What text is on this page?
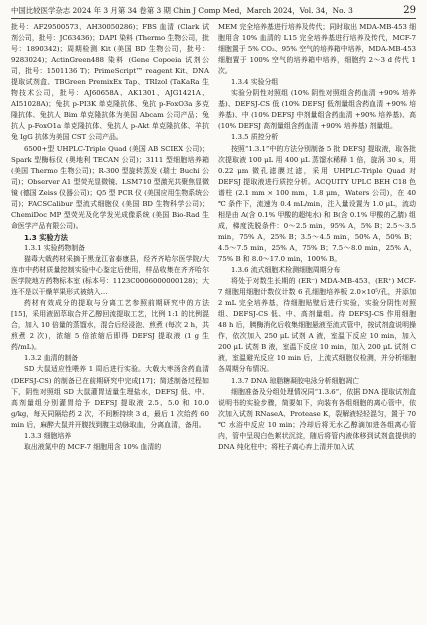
中国比较医学杂志 2024 年 3 月第 34 卷第 3 期 Chin J Comp Med，March 2024，Vol. 34，No. 3	29

批号：AF29500573、AH30050286)；FBS 血清 (Clark 试剂公司，批号：JC63436)；DAPI 染料 (Thermo 生物公司，批号：1890342)；周期检测 Kit (美国 BD 生物公司，批号：9283024)；ActinGreen488 染料 (Gene Copoeia 试剂公司，批号：1501136 T)；PrimeScript™ reagent Kit、DNA 提取试剂盒、TBGreen PremixEx Tap、TRIzol (TaKaRa 生物技术公司，批号：AJ60658A、AK1301、AJG1421A、AI51028A)；兔抗 p-PI3K 单克隆抗体、兔抗 p-FoxO3a 多克隆抗体、兔抗人 Bim 单克隆抗体为美国 Abcam 公司产品；兔抗人 p-FoxO1a 单克隆抗体、兔抗人 p-Akt 单克隆抗体、羊抗兔 IgG 抗体为美国 CST 公司产品。

6500+型 UHPLC-Triple Quad (美国 AB SCIEX 公司)；Spark 型酶标仪 (奥地利 TECAN 公司)；3111 型细胞培养箱 (美国 Thermo 生物公司)；R-300 型旋转蒸发 (瑞士 Buchi 公司)；Observer A1 型荧光显微镜、LSM710 型激光共聚焦显微镜 (德国 Zeiss 仪器公司)；Q5 型 PCR 仪 (美国应用生物系统公司)；FACSCalibur 型流式细胞仪 (美国 BD 生物科学公司)；ChemiDoc MP 型荧光及化学发光成像系统 (美国 Bio-Rad 生命医学产品有限公司)。

1.3 实验方法

1.3.1 实验药物制备

猫毒大戟药材采摘于黑龙江省泰康县，经齐齐哈尔医学院/大连市中药材质量控制实验中心鉴定后使用，样品收集在齐齐哈尔医学院地方药物标本室 (标本号：1123C0006000000128)；大连不是以干燥苹果形式被纳入…

药材有效成分的提取与分离工艺参照前期研究中的方法[15]，采用液固萃取合并乙醇回流提取工艺，比例 1:1 的比例混合，加入 10 倍量的蒸馏水，混合后经浸泡、煎煮 (每次 2 h，共煎煮 2 次)，浓缩 5 倍浓缩后即得 DEFSJ 提取液 (1 g 生药/mL)。

1.3.2 血清的制备

SD 大鼠适应性喂养 1 周后进行实验。大戟大枣汤含药血清 (DEFSJ-CS) 的制备已在前期研究中完成[17]；简述制备过程如下，阴性对照组 SD 大鼠灌胃适量生理盐水，DEFSJ 低、中、高剂量组分别灌胃给予 DEFSJ 提取液 2.5、5.0 和 10.0 g/kg，每天同隔给药 2 次，不间断持续 3 d，最后 1 次给药 60 min 后，麻醉大鼠并开腹找到腹主动脉取血，分离血清，备用。

1.3.3 细胞培养

取出液氮中的 MCF-7 细胞用含 10% 血清的

MEM 完全培养基进行培养及传代；同时取出 MDA-MB-453 细胞用含 10% 血清的 L15 完全培养基进行培养及传代，MCF-7 细胞置于 5% CO₂、95% 空气的培养箱中培养，MDA-MB-453 细胞置于 100% 空气的培养箱中培养，细胞约 2～3 d 传代 1 次。

1.3.4 实验分组

实验分阴性对照组 (10% 阴性对照组含药血清 +90% 培养基)、DEFSJ-CS 低 (10% DEFSJ 低剂量组含药血清 +90% 培养基)、中 (10% DEFSJ 中剂量组含药血清 +90% 培养基)、高 (10% DEFSJ 高剂量组含药血清 +90% 培养基) 剂量组。

1.3.5 质控分析

按照“1.3.1”中的方法分别制备 5 批 DEFSJ 提取液，取各批次提取液 100 μL 用 400 μL 蒸馏水稀释 1 倍，旋涡 30 s，用 0.22 μm 微孔滤膜过滤，采用 UHPLC-Triple Quad 对 DEFSJ 提取液进行质控分析。ACQUITY UPLC BEH C18 色谱柱 (2.1 mm × 100 mm，1.8 μm，Waters 公司)，在 40 ℃ 条件下，流速为 0.4 mL/min，注入量设置为 1.0 μL，流动相是由 A(含 0.1% 甲酸的超纯水) 和 B(含 0.1% 甲酸的乙腈) 组成，梯度洗脱条件：0～2.5 min，95% A，5% B；2.5～3.5 min，75% A，25% B；3.5～4.5 min，50% A，50% B；4.5～7.5 min，25% A，75% B；7.5～8.0 min，25% A，75% B 和 8.0～17.0 min，100% B。

1.3.6 流式细胞术检测细胞周期分布

将处于对数生长期的 (ER⁻) MDA-MB-453、(ER⁺) MCF-7 细胞用细胞计数仪计数 6 孔细胞培养板 2.0×10⁵/孔，并添加 2 mL 完全培养基，待细胞贴壁后进行实验，实验分阴性对照组、DEFSJ-CS 低、中、高剂量组。待 DEFSJ-CS 作用细胞 48 h 后，胰酶消化后收集细胞悬液至流式管中，按试剂盒说明操作，依次加入 250 μL 试剂 A 液，室温下反应 10 min，加入 200 μL 试剂 B 液，室温下反应 10 min，加入 200 μL 试剂 C 液，室温避光反应 10 min 后，上流式细胞仪检测，并分析细胞各周期分布情况。

1.3.7 DNA 琼脂糖凝胶电泳分析细胞凋亡

细胞准备及分组处理情况同“1.3.6”，依据 DNA 提取试剂盒说明书的实验步骤，简要如下，向装有各组细胞的离心管中，依次加入试剂 RNaseA、Protease K，裂解液轻轻混匀，置于 70 ℃ 水浴中反应 10 min；冷却后将无水乙醇滴加进各组离心管内，管中呈现白色絮状沉淀，随后将管内液体移到试剂盒提供的 DNA 纯化柱中；将柱子离心弃上清并加入试
